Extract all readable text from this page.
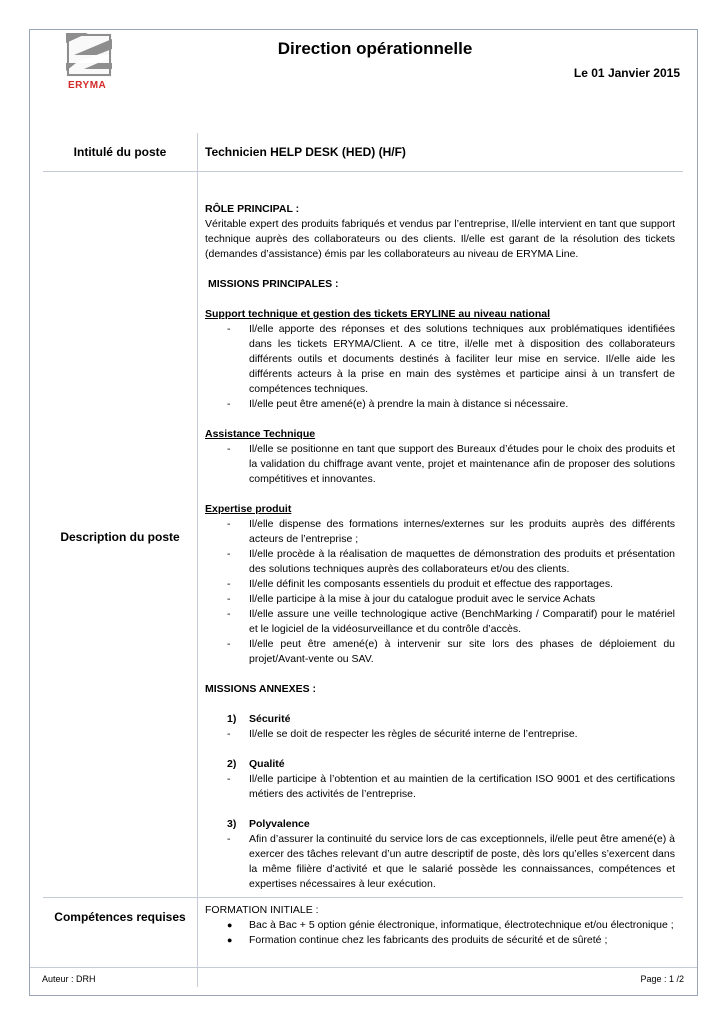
ERYMA
Direction opérationnelle
Le 01 Janvier 2015
Intitulé du poste	Technicien HELP DESK (HED) (H/F)
Description du poste
Compétences requises
RÔLE PRINCIPAL :

Véritable expert des produits fabriqués et vendus par l’entreprise, Il/elle intervient en tant que support technique auprès des collaborateurs ou des clients. Il/elle est garant de la résolution des tickets (demandes d’assistance) émis par les collaborateurs au niveau de ERYMA Line.

MISSIONS PRINCIPALES :
Support technique et gestion des tickets ERYLINE au niveau national
- Il/elle apporte des réponses et des solutions techniques aux problématiques identifiées dans les tickets ERYMA/Client. A ce titre, il/elle met à disposition des collaborateurs différents outils et documents destinés à faciliter leur mise en service. Il/elle aide les différents acteurs à la prise en main des systèmes et participe ainsi à un transfert de compétences techniques.
- Il/elle peut être amené(e) à prendre la main à distance si nécessaire.
Assistance Technique
- Il/elle se positionne en tant que support des Bureaux d’études pour le choix des produits et la validation du chiffrage avant vente, projet et maintenance afin de proposer des solutions compétitives et innovantes.
Expertise produit
- Il/elle dispense des formations internes/externes sur les produits auprès des différents acteurs de l’entreprise ;
- Il/elle procède à la réalisation de maquettes de démonstration des produits et présentation des solutions techniques auprès des collaborateurs et/ou des clients.
- Il/elle définit les composants essentiels du produit et effectue des rapportages.
- Il/elle participe à la mise à jour du catalogue produit avec le service Achats
- Il/elle assure une veille technologique active (BenchMarking / Comparatif) pour le matériel et le logiciel de la vidéosurveillance et du contrôle d’accès.
- Il/elle peut être amené(e) à intervenir sur site lors des phases de déploiement du projet/Avant-vente ou SAV.
MISSIONS ANNEXES :
1) Sécurité
- Il/elle se doit de respecter les règles de sécurité interne de l’entreprise.
2) Qualité
- Il/elle participe à l’obtention et au maintien de la certification ISO 9001 et des certifications métiers des activités de l’entreprise.
3) Polyvalence
- Afin d’assurer la continuité du service lors de cas exceptionnels, il/elle peut être amené(e) à exercer des tâches relevant d’un autre descriptif de poste, dès lors qu’elles s’exercent dans la même filière d’activité et que le salarié possède les connaissances, compétences et expertises nécessaires à leur exécution.
FORMATION INITIALE :
● Bac à Bac + 5 option génie électronique, informatique, électrotechnique et/ou électronique ;
● Formation continue chez les fabricants des produits de sécurité et de sûreté ;
Auteur : DRH	Page : 1 /2
